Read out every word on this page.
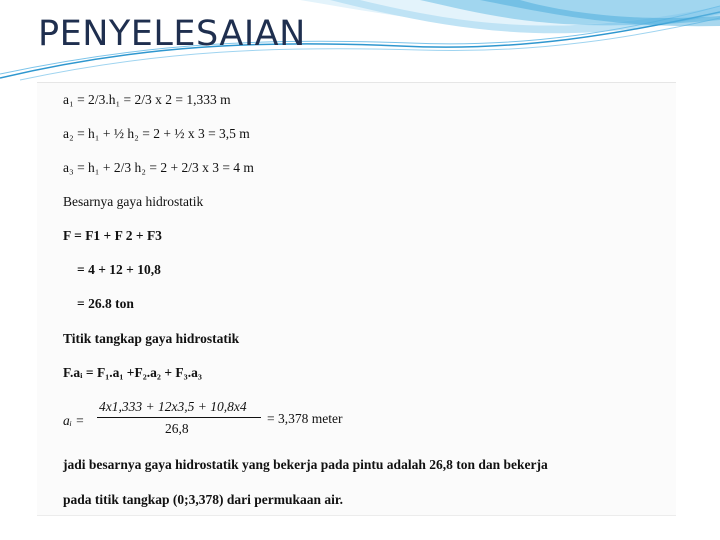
PENYELESAIAN
a₁ = 2/3.h₁ = 2/3 x 2 = 1,333 m
a₂ = h₁ + ½ h₂ = 2 + ½ x 3 = 3,5 m
a₃ = h₁ + 2/3 h₂ = 2 + 2/3 x 3 = 4 m
Besarnya gaya hidrostatik
F = F1 + F 2 + F3
= 4 + 12 + 10,8
= 26.8 ton
Titik tangkap gaya hidrostatik
F.aᵢ = F₁.a₁ +F₂.a₂ + F₃.a₃
aᵢ =
4x1,333 + 12x3,5 + 10,8x4
26,8
= 3,378 meter
jadi besarnya gaya hidrostatik yang bekerja pada pintu adalah 26,8 ton dan bekerja
pada titik tangkap (0;3,378) dari permukaan air.
